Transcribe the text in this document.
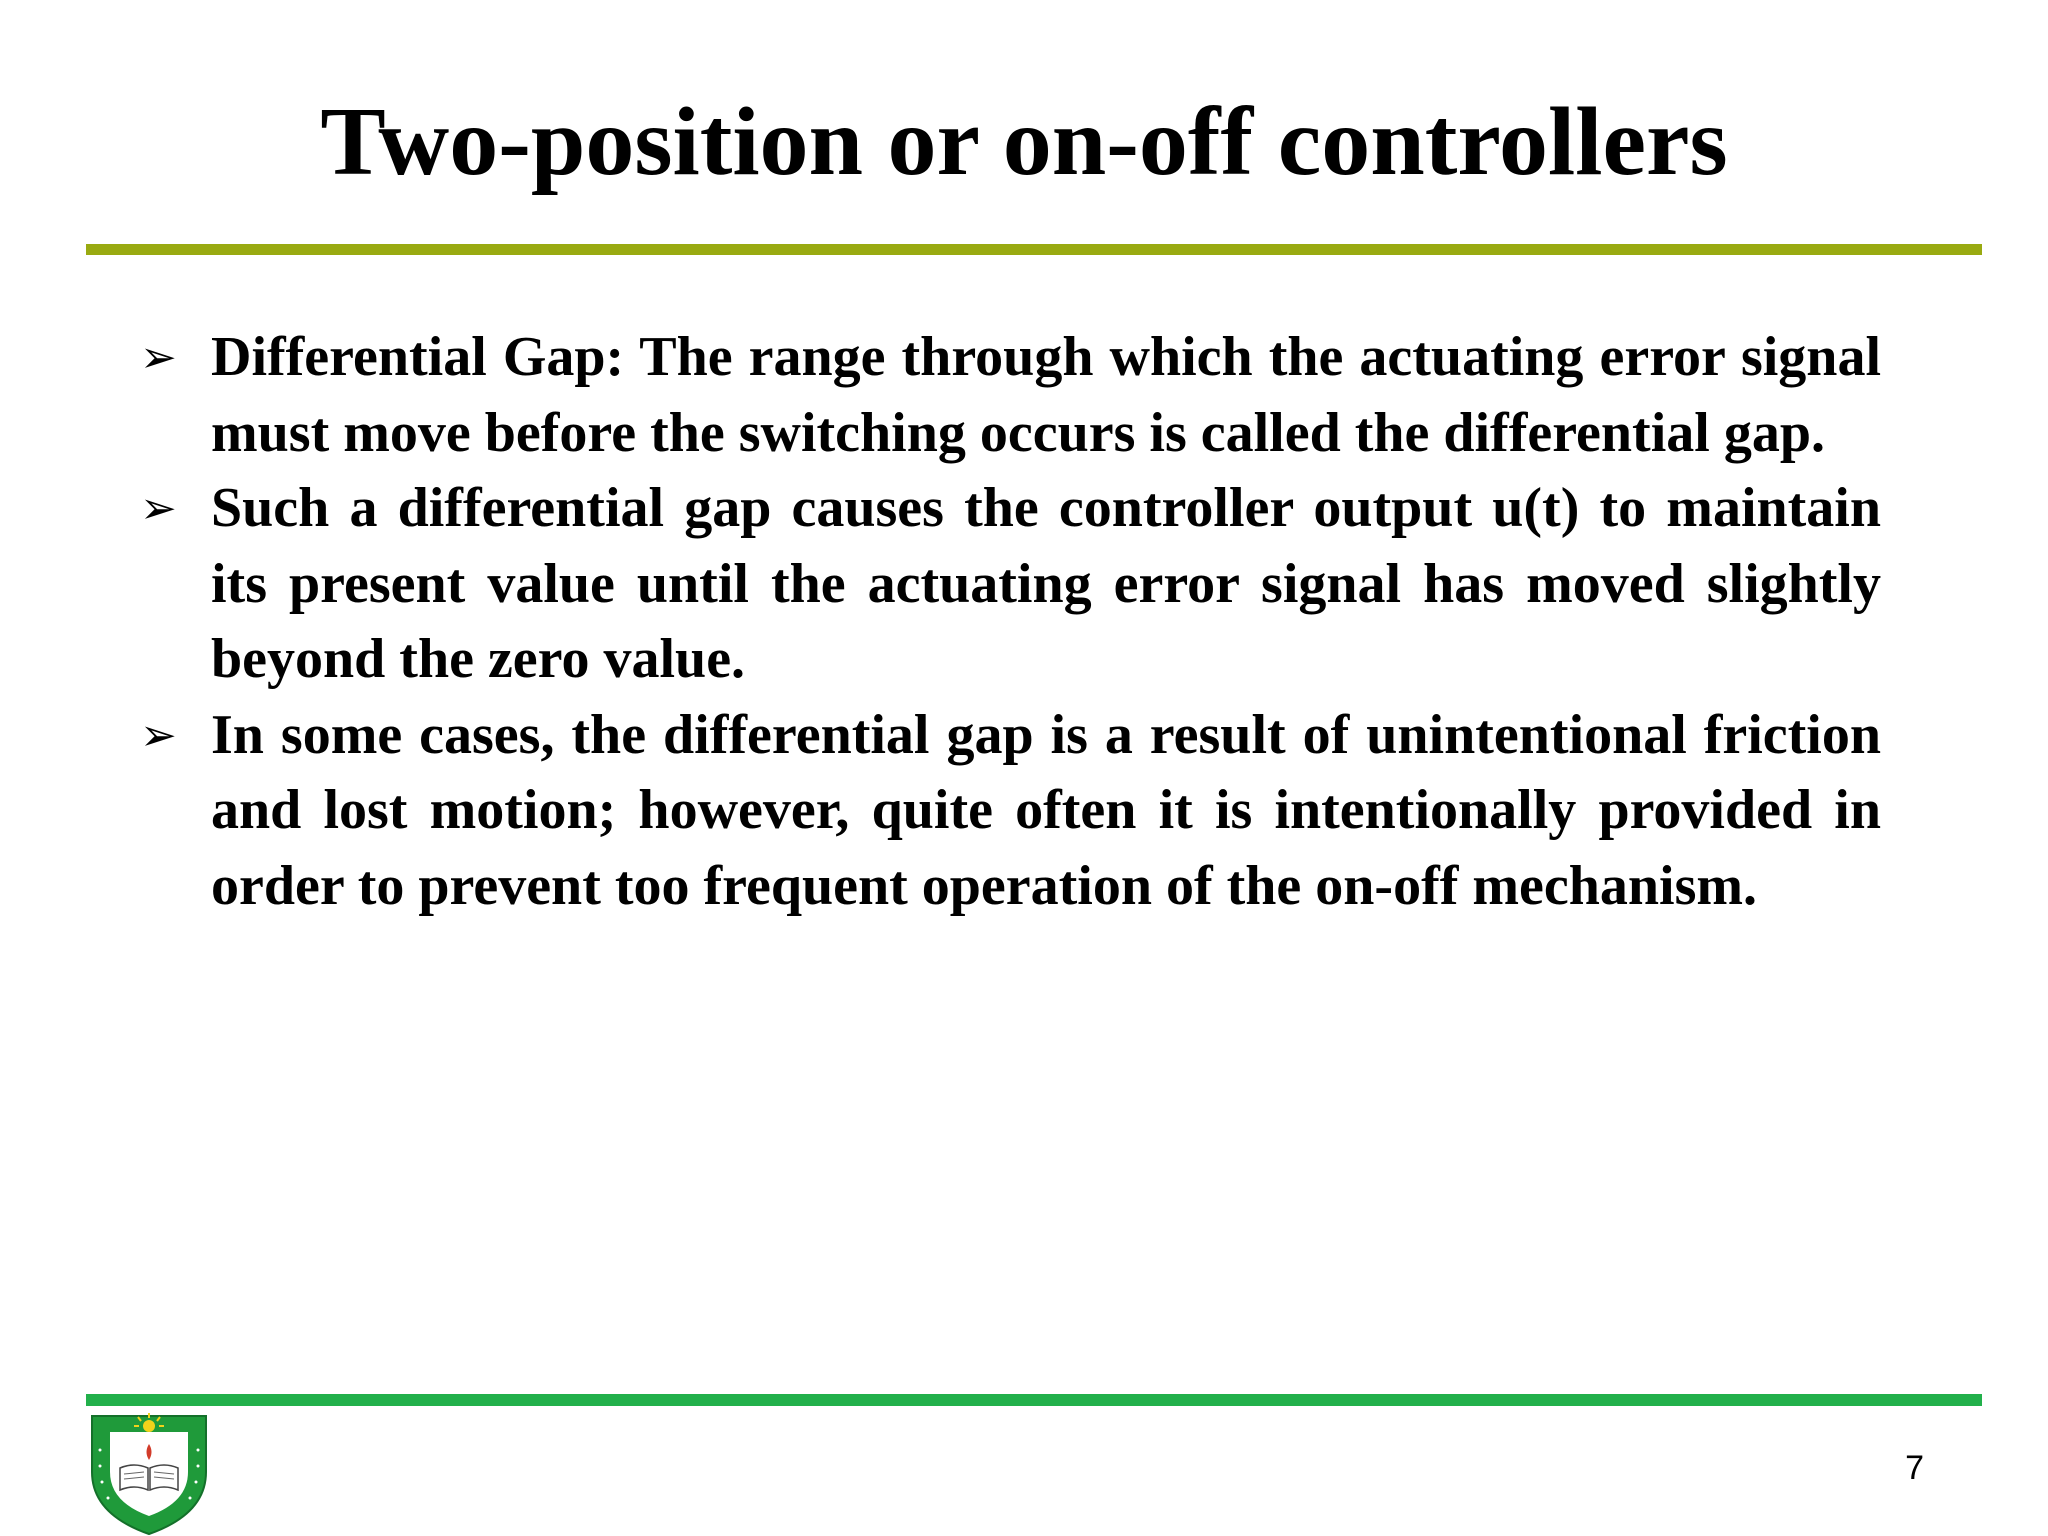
Two-position or on-off controllers
➢ Differential Gap: The range through which the actuating error signal must move before the switching occurs is called the differential gap.
➢ Such a differential gap causes the controller output u(t) to maintain its present value until the actuating error signal has moved slightly beyond the zero value.
➢ In some cases, the differential gap is a result of unintentional friction and lost motion; however, quite often it is intentionally provided in order to prevent too frequent operation of the on-off mechanism.
7
